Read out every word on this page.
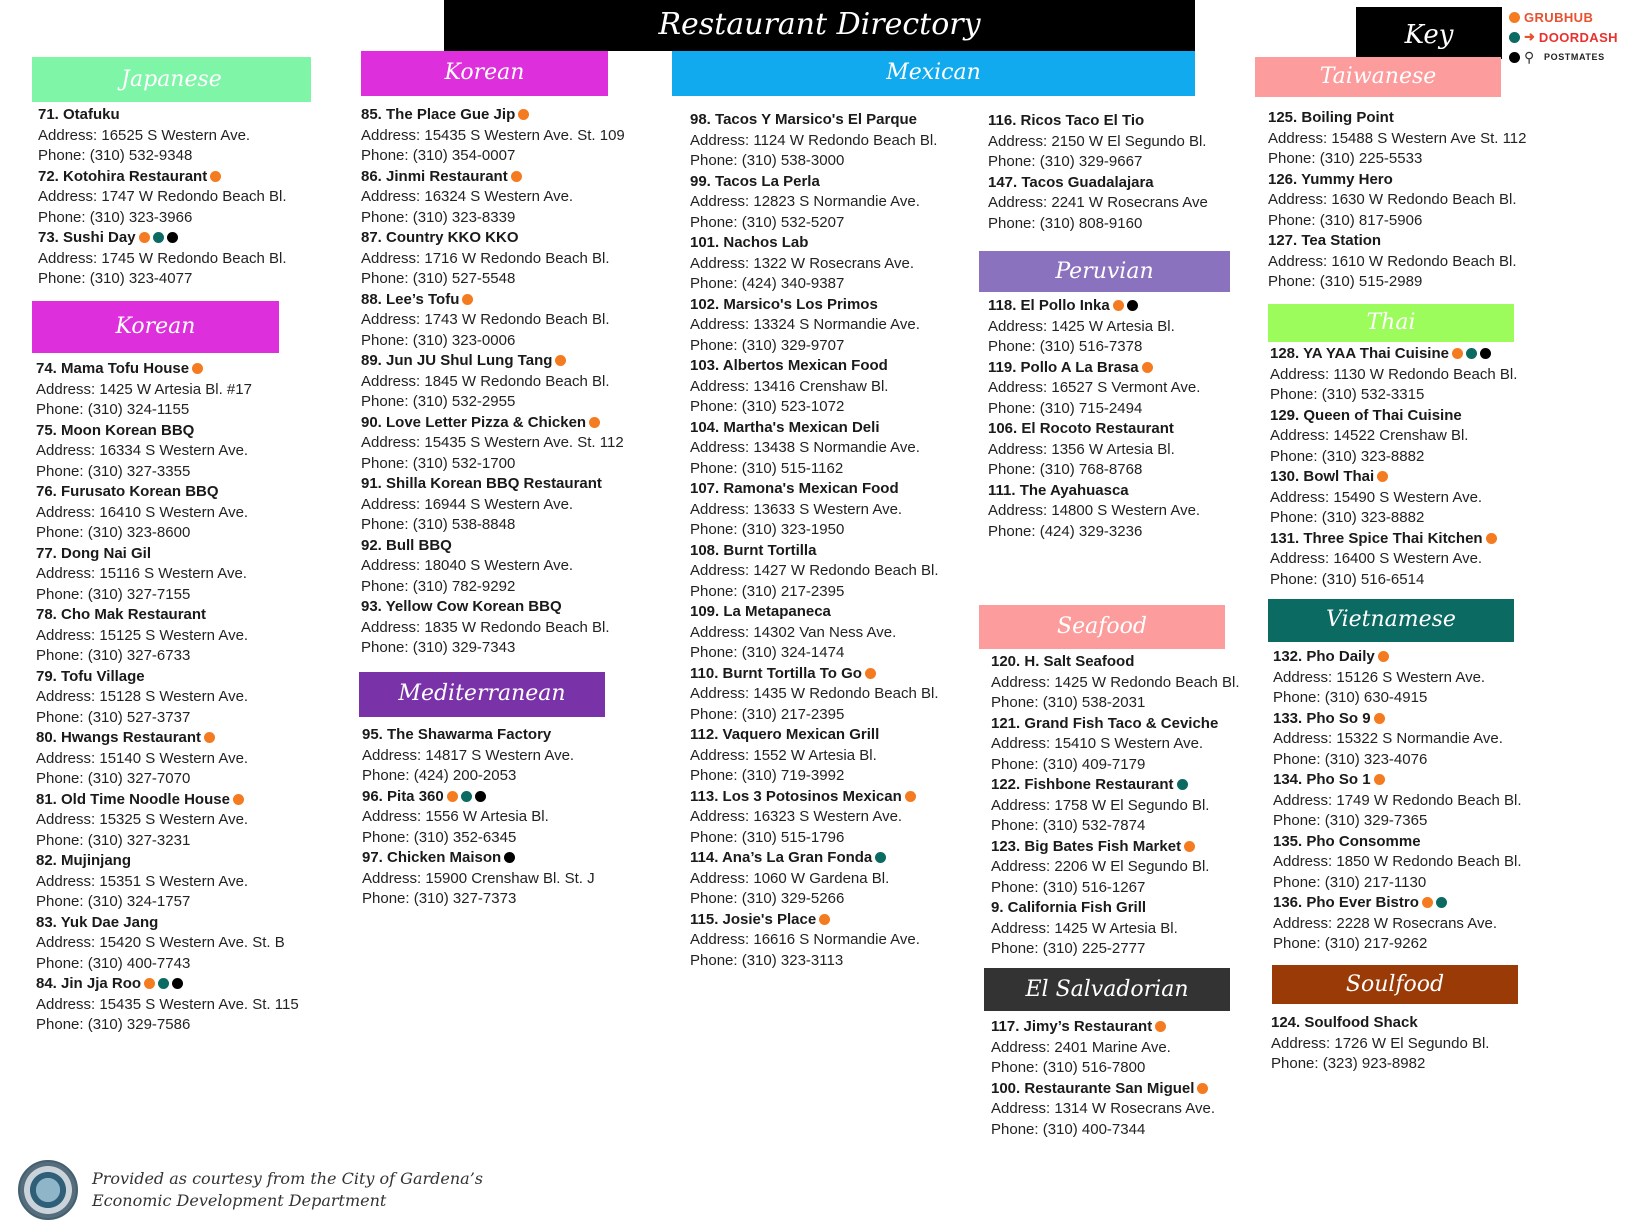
Restaurant Directory	Key
GRUBHUB
➜ DOORDASH
⚲ POSTMATES
Japanese
Korean
Korean
Mediterranean
Mexican
Peruvian
Seafood
El Salvadorian
Taiwanese
Thai
Vietnamese
Soulfood
71. Otafuku
Address: 16525 S Western Ave.
Phone: (310) 532-9348
72. Kotohira Restaurant
Address: 1747 W Redondo Beach Bl.
Phone: (310) 323-3966
73. Sushi Day
Address: 1745 W Redondo Beach Bl.
Phone: (310) 323-4077
74. Mama Tofu House
Address: 1425 W Artesia Bl. #17
Phone: (310) 324-1155
75. Moon Korean BBQ
Address: 16334 S Western Ave.
Phone: (310) 327-3355
76. Furusato Korean BBQ
Address: 16410 S Western Ave.
Phone: (310) 323-8600
77. Dong Nai Gil
Address: 15116 S Western Ave.
Phone: (310) 327-7155
78. Cho Mak Restaurant
Address: 15125 S Western Ave.
Phone: (310) 327-6733
79. Tofu Village
Address: 15128 S Western Ave.
Phone: (310) 527-3737
80. Hwangs Restaurant
Address: 15140 S Western Ave.
Phone: (310) 327-7070
81. Old Time Noodle House
Address: 15325 S Western Ave.
Phone: (310) 327-3231
82. Mujinjang
Address: 15351 S Western Ave.
Phone: (310) 324-1757
83. Yuk Dae Jang
Address: 15420 S Western Ave. St. B
Phone: (310) 400-7743
84. Jin Jja Roo
Address: 15435 S Western Ave. St. 115
Phone: (310) 329-7586
85. The Place Gue Jip
Address: 15435 S Western Ave. St. 109
Phone: (310) 354-0007
86. Jinmi Restaurant
Address: 16324 S Western Ave.
Phone: (310) 323-8339
87. Country KKO KKO
Address: 1716 W Redondo Beach Bl.
Phone: (310) 527-5548
88. Lee’s Tofu
Address: 1743 W Redondo Beach Bl.
Phone: (310) 323-0006
89. Jun JU Shul Lung Tang
Address: 1845 W Redondo Beach Bl.
Phone: (310) 532-2955
90. Love Letter Pizza & Chicken
Address: 15435 S Western Ave. St. 112
Phone: (310) 532-1700
91. Shilla Korean BBQ Restaurant
Address: 16944 S Western Ave.
Phone: (310) 538-8848
92. Bull BBQ
Address: 18040 S Western Ave.
Phone: (310) 782-9292
93. Yellow Cow Korean BBQ
Address: 1835 W Redondo Beach Bl.
Phone: (310) 329-7343
95. The Shawarma Factory
Address: 14817 S Western Ave.
Phone: (424) 200-2053
96. Pita 360
Address: 1556 W Artesia Bl.
Phone: (310) 352-6345
97. Chicken Maison
Address: 15900 Crenshaw Bl. St. J
Phone: (310) 327-7373
98. Tacos Y Marsico's El Parque
Address: 1124 W Redondo Beach Bl.
Phone: (310) 538-3000
99. Tacos La Perla
Address: 12823 S Normandie Ave.
Phone: (310) 532-5207
101. Nachos Lab
Address: 1322 W Rosecrans Ave.
Phone: (424) 340-9387
102. Marsico's Los Primos
Address: 13324 S Normandie Ave.
Phone: (310) 329-9707
103. Albertos Mexican Food
Address: 13416 Crenshaw Bl.
Phone: (310) 523-1072
104. Martha's Mexican Deli
Address: 13438 S Normandie Ave.
Phone: (310) 515-1162
107. Ramona's Mexican Food
Address: 13633 S Western Ave.
Phone: (310) 323-1950
108. Burnt Tortilla
Address: 1427 W Redondo Beach Bl.
Phone: (310) 217-2395
109. La Metapaneca
Address: 14302 Van Ness Ave.
Phone: (310) 324-1474
110. Burnt Tortilla To Go
Address: 1435 W Redondo Beach Bl.
Phone: (310) 217-2395
112. Vaquero Mexican Grill
Address: 1552 W Artesia Bl.
Phone: (310) 719-3992
113. Los 3 Potosinos Mexican
Address: 16323 S Western Ave.
Phone: (310) 515-1796
114. Ana’s La Gran Fonda
Address: 1060 W Gardena Bl.
Phone: (310) 329-5266
115. Josie's Place
Address: 16616 S Normandie Ave.
Phone: (310) 323-3113
116. Ricos Taco El Tio
Address: 2150 W El Segundo Bl.
Phone: (310) 329-9667
147. Tacos Guadalajara
Address: 2241 W Rosecrans Ave
Phone: (310) 808-9160
118. El Pollo Inka
Address: 1425 W Artesia Bl.
Phone: (310) 516-7378
119. Pollo A La Brasa
Address: 16527 S Vermont Ave.
Phone: (310) 715-2494
106. El Rocoto Restaurant
Address: 1356 W Artesia Bl.
Phone: (310) 768-8768
111. The Ayahuasca
Address: 14800 S Western Ave.
Phone: (424) 329-3236
120. H. Salt Seafood
Address: 1425 W Redondo Beach Bl.
Phone: (310) 538-2031
121. Grand Fish Taco & Ceviche
Address: 15410 S Western Ave.
Phone: (310) 409-7179
122. Fishbone Restaurant
Address: 1758 W El Segundo Bl.
Phone: (310) 532-7874
123. Big Bates Fish Market
Address: 2206 W El Segundo Bl.
Phone: (310) 516-1267
9. California Fish Grill
Address: 1425 W Artesia Bl.
Phone: (310) 225-2777
117. Jimy’s Restaurant
Address: 2401 Marine Ave.
Phone: (310) 516-7800
100. Restaurante San Miguel
Address: 1314 W Rosecrans Ave.
Phone: (310) 400-7344
125. Boiling Point
Address: 15488 S Western Ave St. 112
Phone: (310) 225-5533
126. Yummy Hero
Address: 1630 W Redondo Beach Bl.
Phone: (310) 817-5906
127. Tea Station
Address: 1610 W Redondo Beach Bl.
Phone: (310) 515-2989
128. YA YAA Thai Cuisine
Address: 1130 W Redondo Beach Bl.
Phone: (310) 532-3315
129. Queen of Thai Cuisine
Address: 14522 Crenshaw Bl.
Phone: (310) 323-8882
130. Bowl Thai
Address: 15490 S Western Ave.
Phone: (310) 323-8882
131. Three Spice Thai Kitchen
Address: 16400 S Western Ave.
Phone: (310) 516-6514
132. Pho Daily
Address: 15126 S Western Ave.
Phone: (310) 630-4915
133. Pho So 9
Address: 15322 S Normandie Ave.
Phone: (310) 323-4076
134. Pho So 1
Address: 1749 W Redondo Beach Bl.
Phone: (310) 329-7365
135. Pho Consomme
Address: 1850 W Redondo Beach Bl.
Phone: (310) 217-1130
136. Pho Ever Bistro
Address: 2228 W Rosecrans Ave.
Phone: (310) 217-9262
124. Soulfood Shack
Address: 1726 W El Segundo Bl.
Phone: (323) 923-8982
Provided as courtesy from the City of Gardena’s
Economic Development Department
